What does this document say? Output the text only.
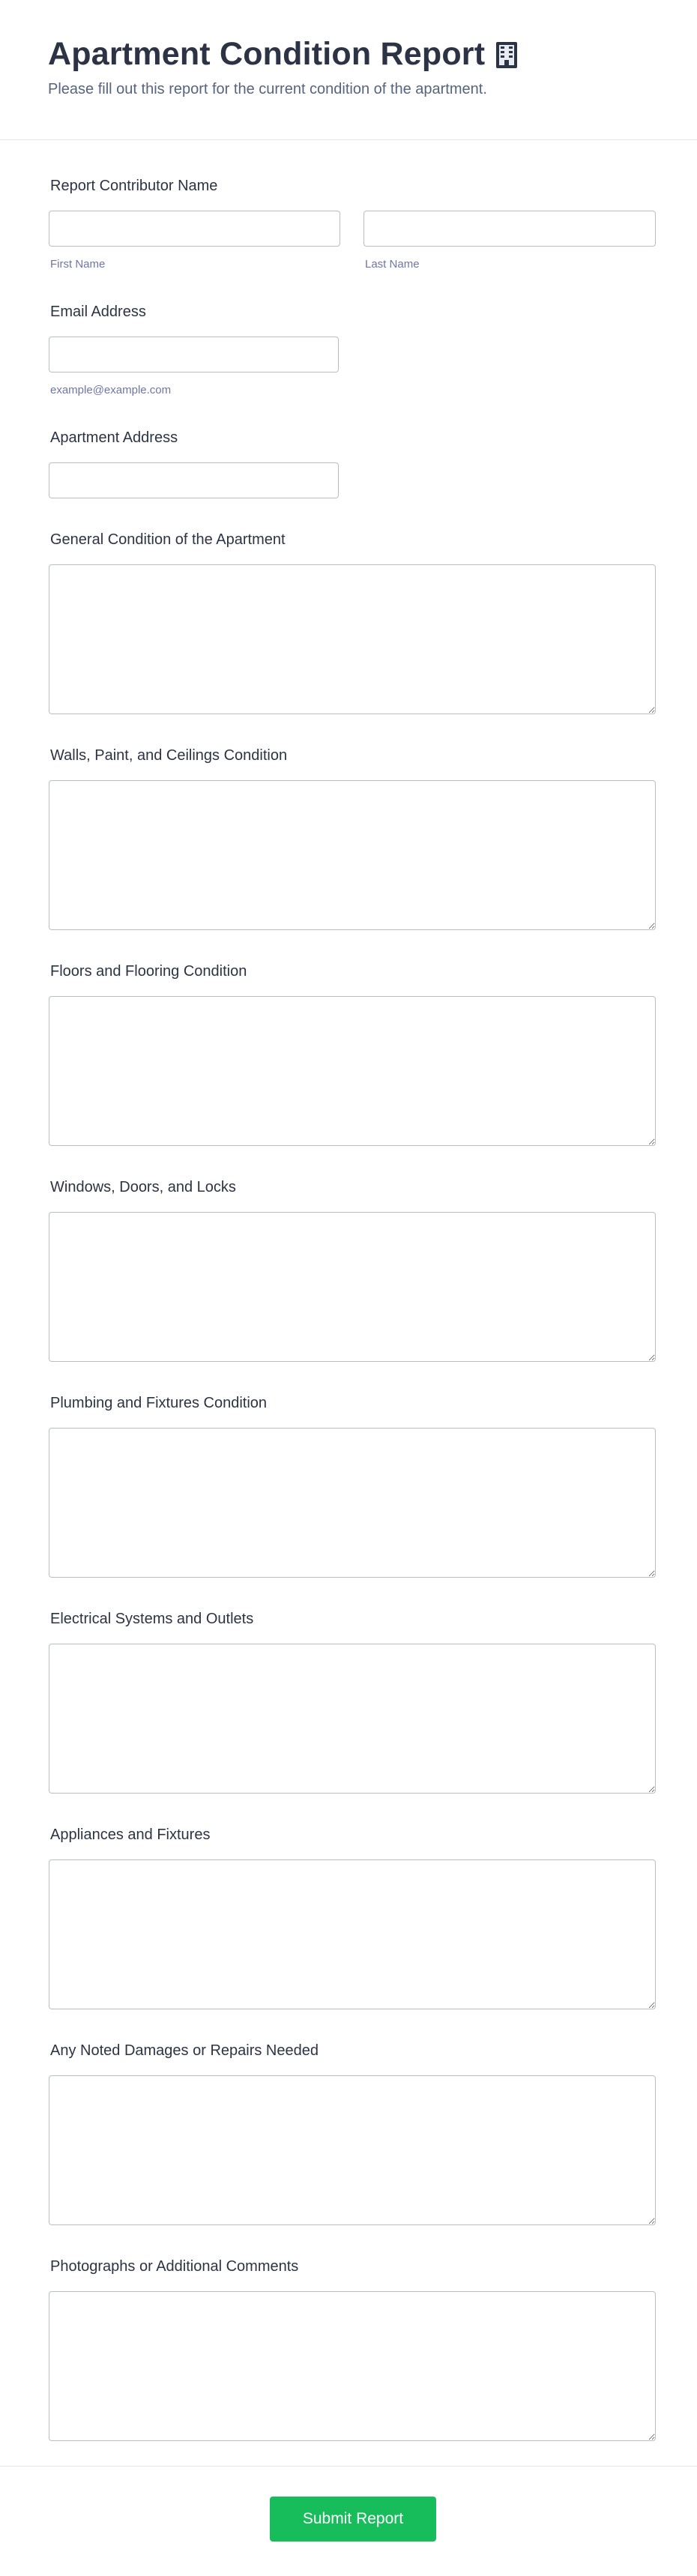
Apartment Condition Report
Please fill out this report for the current condition of the apartment.
Report Contributor Name
First Name	Last Name
Email Address
example@example.com
Apartment Address
General Condition of the Apartment
Walls, Paint, and Ceilings Condition
Floors and Flooring Condition
Windows, Doors, and Locks
Plumbing and Fixtures Condition
Electrical Systems and Outlets
Appliances and Fixtures
Any Noted Damages or Repairs Needed
Photographs or Additional Comments
Submit Report
